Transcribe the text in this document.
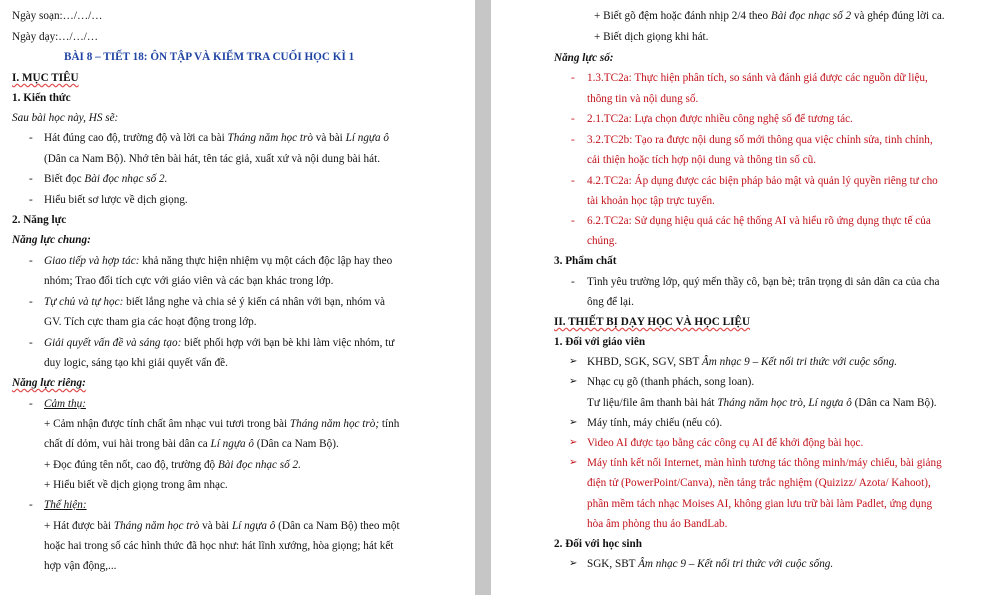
Ngày soạn:…/…/…
Ngày dạy:…/…/…
BÀI 8 – TIẾT 18: ÔN TẬP VÀ KIỂM TRA CUỐI HỌC KÌ 1
I. MỤC TIÊU
1. Kiến thức
Sau bài học này, HS sẽ:
- Hát đúng cao độ, trường độ và lời ca bài Tháng năm học trò và bài Lí ngựa ô
(Dân ca Nam Bộ). Nhớ tên bài hát, tên tác giả, xuất xứ và nội dung bài hát.
- Biết đọc Bài đọc nhạc số 2.
- Hiểu biết sơ lược về dịch giọng.
2. Năng lực
Năng lực chung:
- Giao tiếp và hợp tác: khả năng thực hiện nhiệm vụ một cách độc lập hay theo
nhóm; Trao đổi tích cực với giáo viên và các bạn khác trong lớp.
- Tự chủ và tự học: biết lắng nghe và chia sẻ ý kiến cá nhân với bạn, nhóm và
GV. Tích cực tham gia các hoạt động trong lớp.
- Giải quyết vấn đề và sáng tạo: biết phối hợp với bạn bè khi làm việc nhóm, tư
duy logic, sáng tạo khi giải quyết vấn đề.
Năng lực riêng:
- Cảm thụ:
+ Cảm nhận được tính chất âm nhạc vui tươi trong bài Tháng năm học trò; tính
chất dí dỏm, vui hài trong bài dân ca Lí ngựa ô (Dân ca Nam Bộ).
+ Đọc đúng tên nốt, cao độ, trường độ Bài đọc nhạc số 2.
+ Hiểu biết về dịch giọng trong âm nhạc.
- Thể hiện:
+ Hát được bài Tháng năm học trò và bài Lí ngựa ô (Dân ca Nam Bộ) theo một
hoặc hai trong số các hình thức đã học như: hát lĩnh xướng, hòa giọng; hát kết
hợp vận động,...
+ Biết gõ đệm hoặc đánh nhịp 2/4 theo Bài đọc nhạc số 2 và ghép đúng lời ca.
+ Biết dịch giọng khi hát.
Năng lực số:
- 1.3.TC2a: Thực hiện phân tích, so sánh và đánh giá được các nguồn dữ liệu,
thông tin và nội dung số.
- 2.1.TC2a: Lựa chọn được nhiều công nghệ số để tương tác.
- 3.2.TC2b: Tạo ra được nội dung số mới thông qua việc chỉnh sửa, tinh chỉnh,
cải thiện hoặc tích hợp nội dung và thông tin số cũ.
- 4.2.TC2a: Áp dụng được các biện pháp bảo mật và quản lý quyền riêng tư cho
tài khoản học tập trực tuyến.
- 6.2.TC2a: Sử dụng hiệu quả các hệ thống AI và hiểu rõ ứng dụng thực tế của
chúng.
3. Phẩm chất
- Tình yêu trường lớp, quý mến thầy cô, bạn bè; trân trọng di sản dân ca của cha
ông để lại.
II. THIẾT BỊ DẠY HỌC VÀ HỌC LIỆU
1. Đối với giáo viên
➢ KHBD, SGK, SGV, SBT Âm nhạc 9 – Kết nối tri thức với cuộc sống.
➢ Nhạc cụ gõ (thanh phách, song loan).
Tư liệu/file âm thanh bài hát Tháng năm học trò, Lí ngựa ô (Dân ca Nam Bộ).
➢ Máy tính, máy chiếu (nếu có).
➢ Video AI được tạo bằng các công cụ AI để khởi động bài học.
➢ Máy tính kết nối Internet, màn hình tương tác thông minh/máy chiếu, bài giảng
điện tử (PowerPoint/Canva), nền tảng trắc nghiệm (Quizizz/ Azota/ Kahoot),
phần mềm tách nhạc Moises AI, không gian lưu trữ bài làm Padlet, ứng dụng
hòa âm phòng thu ảo BandLab.
2. Đối với học sinh
➢ SGK, SBT Âm nhạc 9 – Kết nối tri thức với cuộc sống.
